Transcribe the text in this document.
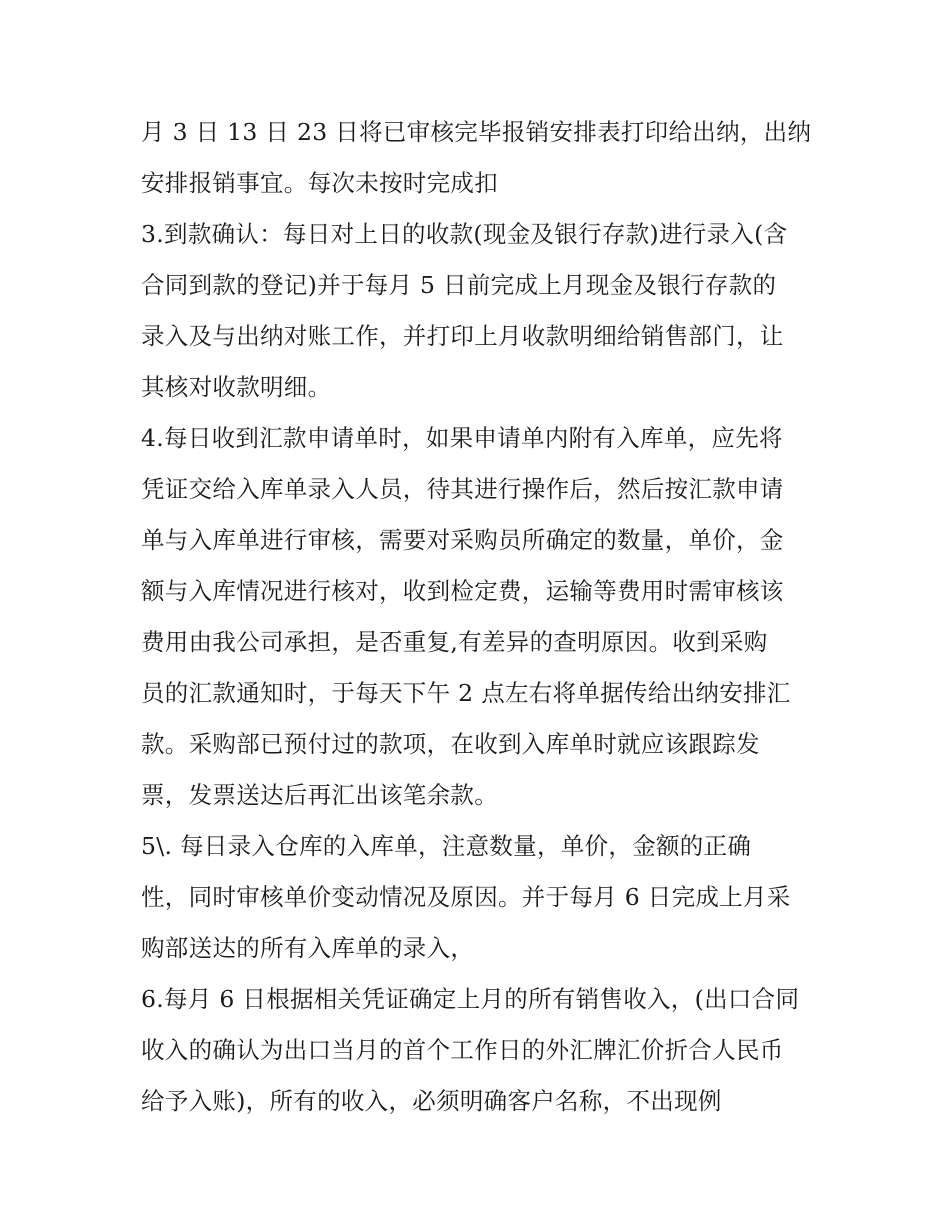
月 3 日 13 日 23 日将已审核完毕报销安排表打印给出纳，出纳
安排报销事宜。每次未按时完成扣
3.到款确认：每日对上日的收款(现金及银行存款)进行录入(含
合同到款的登记)并于每月 5 日前完成上月现金及银行存款的
录入及与出纳对账工作，并打印上月收款明细给销售部门，让
其核对收款明细。
4.每日收到汇款申请单时，如果申请单内附有入库单，应先将
凭证交给入库单录入人员，待其进行操作后，然后按汇款申请
单与入库单进行审核，需要对采购员所确定的数量，单价，金
额与入库情况进行核对，收到检定费，运输等费用时需审核该
费用由我公司承担，是否重复,有差异的查明原因。收到采购
员的汇款通知时，于每天下午 2 点左右将单据传给出纳安排汇
款。采购部已预付过的款项，在收到入库单时就应该跟踪发
票，发票送达后再汇出该笔余款。
5\. 每日录入仓库的入库单，注意数量，单价，金额的正确
性，同时审核单价变动情况及原因。并于每月 6 日完成上月采
购部送达的所有入库单的录入，
6.每月 6 日根据相关凭证确定上月的所有销售收入，(出口合同
收入的确认为出口当月的首个工作日的外汇牌汇价折合人民币
给予入账)，所有的收入，必须明确客户名称，不出现例
